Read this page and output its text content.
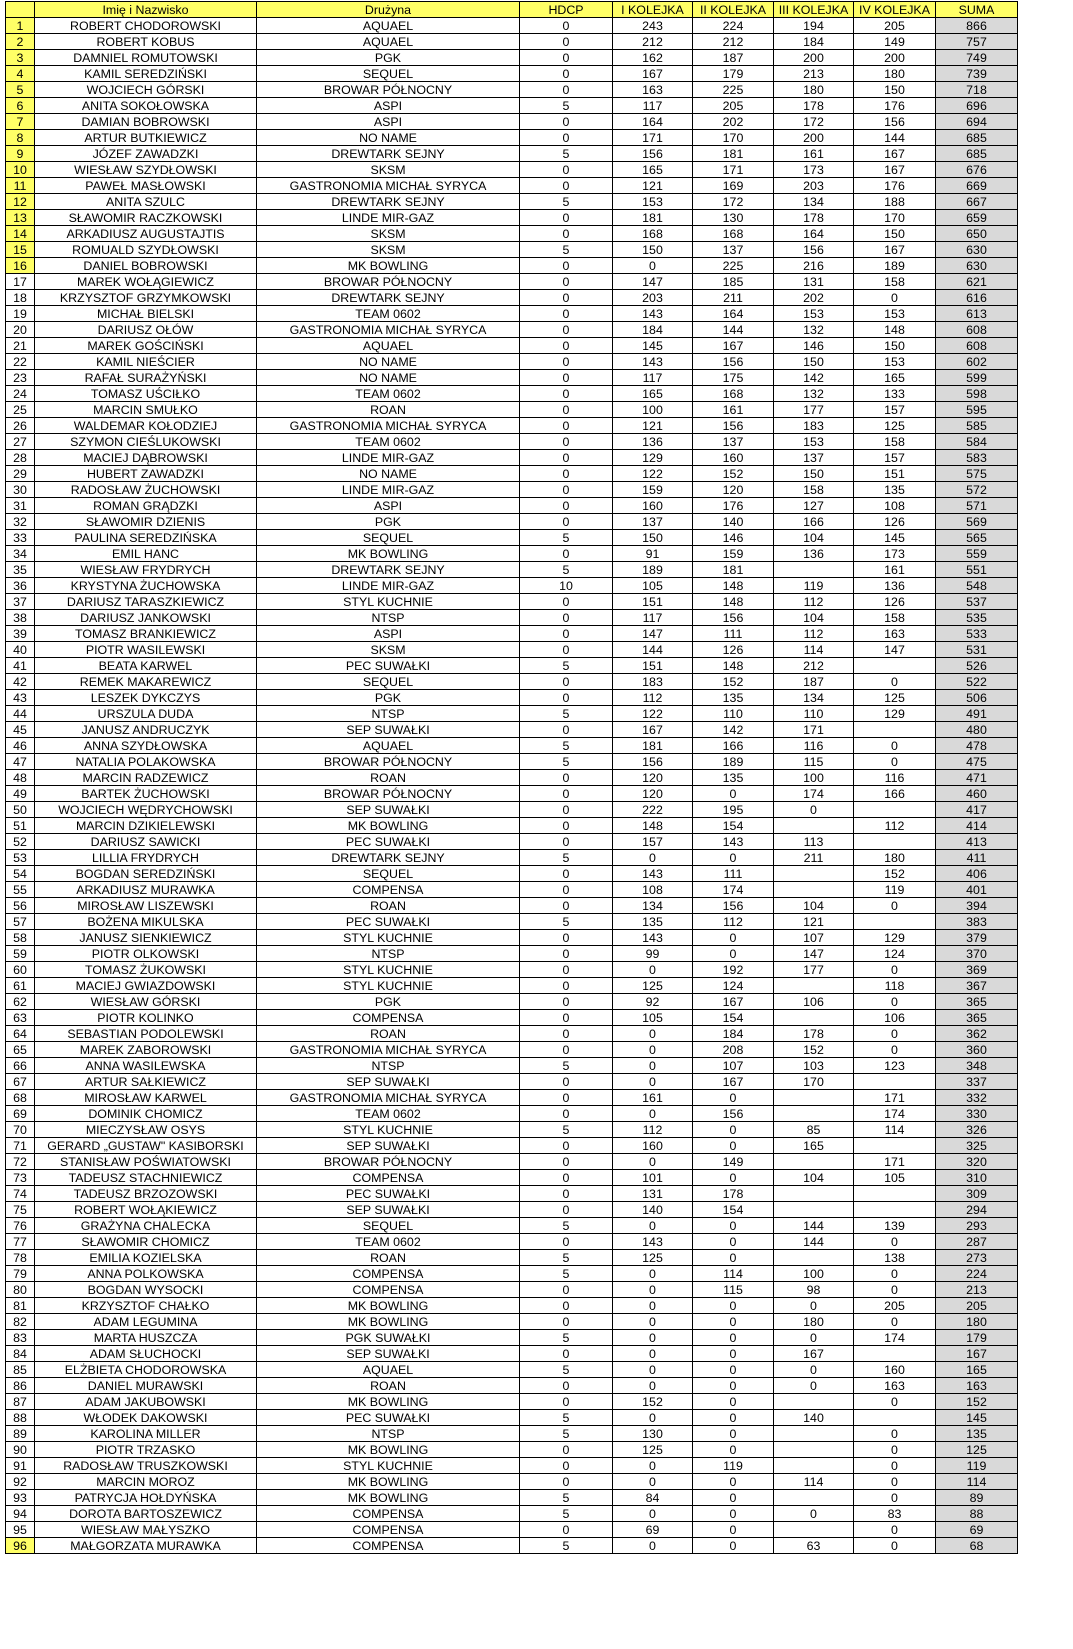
	Imię i Nazwisko	Drużyna	HDCP	I KOLEJKA	II KOLEJKA	III KOLEJKA	IV KOLEJKA	SUMA
1	ROBERT CHODOROWSKI	AQUAEL	0	243	224	194	205	866
2	ROBERT KOBUS	AQUAEL	0	212	212	184	149	757
3	DAMNIEL ROMUTOWSKI	PGK	0	162	187	200	200	749
4	KAMIL SEREDZIŃSKI	SEQUEL	0	167	179	213	180	739
5	WOJCIECH GÓRSKI	BROWAR PÓŁNOCNY	0	163	225	180	150	718
6	ANITA SOKOŁOWSKA	ASPI	5	117	205	178	176	696
7	DAMIAN BOBROWSKI	ASPI	0	164	202	172	156	694
8	ARTUR BUTKIEWICZ	NO NAME	0	171	170	200	144	685
9	JÓZEF ZAWADZKI	DREWTARK SEJNY	5	156	181	161	167	685
10	WIESŁAW SZYDŁOWSKI	SKSM	0	165	171	173	167	676
11	PAWEŁ MASŁOWSKI	GASTRONOMIA MICHAŁ SYRYCA	0	121	169	203	176	669
12	ANITA SZULC	DREWTARK SEJNY	5	153	172	134	188	667
13	SŁAWOMIR RACZKOWSKI	LINDE MIR-GAZ	0	181	130	178	170	659
14	ARKADIUSZ AUGUSTAJTIS	SKSM	0	168	168	164	150	650
15	ROMUALD SZYDŁOWSKI	SKSM	5	150	137	156	167	630
16	DANIEL BOBROWSKI	MK BOWLING	0	0	225	216	189	630
17	MAREK WOŁĄGIEWICZ	BROWAR PÓŁNOCNY	0	147	185	131	158	621
18	KRZYSZTOF GRZYMKOWSKI	DREWTARK SEJNY	0	203	211	202	0	616
19	MICHAŁ BIELSKI	TEAM 0602	0	143	164	153	153	613
20	DARIUSZ OŁÓW	GASTRONOMIA MICHAŁ SYRYCA	0	184	144	132	148	608
21	MAREK GOŚCIŃSKI	AQUAEL	0	145	167	146	150	608
22	KAMIL NIEŚCIER	NO NAME	0	143	156	150	153	602
23	RAFAŁ SURAŻYŃSKI	NO NAME	0	117	175	142	165	599
24	TOMASZ UŚCIŁKO	TEAM 0602	0	165	168	132	133	598
25	MARCIN SMUŁKO	ROAN	0	100	161	177	157	595
26	WALDEMAR KOŁODZIEJ	GASTRONOMIA MICHAŁ SYRYCA	0	121	156	183	125	585
27	SZYMON CIEŚLUKOWSKI	TEAM 0602	0	136	137	153	158	584
28	MACIEJ DĄBROWSKI	LINDE MIR-GAZ	0	129	160	137	157	583
29	HUBERT ZAWADZKI	NO NAME	0	122	152	150	151	575
30	RADOSŁAW ŻUCHOWSKI	LINDE MIR-GAZ	0	159	120	158	135	572
31	ROMAN GRĄDZKI	ASPI	0	160	176	127	108	571
32	SŁAWOMIR DZIENIS	PGK	0	137	140	166	126	569
33	PAULINA SEREDZIŃSKA	SEQUEL	5	150	146	104	145	565
34	EMIL HANC	MK BOWLING	0	91	159	136	173	559
35	WIESŁAW FRYDRYCH	DREWTARK SEJNY	5	189	181		161	551
36	KRYSTYNA ŻUCHOWSKA	LINDE MIR-GAZ	10	105	148	119	136	548
37	DARIUSZ TARASZKIEWICZ	STYL KUCHNIE	0	151	148	112	126	537
38	DARIUSZ JANKOWSKI	NTSP	0	117	156	104	158	535
39	TOMASZ BRANKIEWICZ	ASPI	0	147	111	112	163	533
40	PIOTR WASILEWSKI	SKSM	0	144	126	114	147	531
41	BEATA KARWEL	PEC SUWAŁKI	5	151	148	212		526
42	REMEK MAKAREWICZ	SEQUEL	0	183	152	187	0	522
43	LESZEK DYKCZYS	PGK	0	112	135	134	125	506
44	URSZULA DUDA	NTSP	5	122	110	110	129	491
45	JANUSZ ANDRUCZYK	SEP SUWAŁKI	0	167	142	171		480
46	ANNA SZYDŁOWSKA	AQUAEL	5	181	166	116	0	478
47	NATALIA POLAKOWSKA	BROWAR PÓŁNOCNY	5	156	189	115	0	475
48	MARCIN RADZEWICZ	ROAN	0	120	135	100	116	471
49	BARTEK ŻUCHOWSKI	BROWAR PÓŁNOCNY	0	120	0	174	166	460
50	WOJCIECH WĘDRYCHOWSKI	SEP SUWAŁKI	0	222	195	0		417
51	MARCIN DZIKIELEWSKI	MK BOWLING	0	148	154		112	414
52	DARIUSZ SAWICKI	PEC SUWAŁKI	0	157	143	113		413
53	LILLIA FRYDRYCH	DREWTARK SEJNY	5	0	0	211	180	411
54	BOGDAN SEREDZIŃSKI	SEQUEL	0	143	111		152	406
55	ARKADIUSZ MURAWKA	COMPENSA	0	108	174		119	401
56	MIROSŁAW LISZEWSKI	ROAN	0	134	156	104	0	394
57	BOŻENA MIKULSKA	PEC SUWAŁKI	5	135	112	121		383
58	JANUSZ SIENKIEWICZ	STYL KUCHNIE	0	143	0	107	129	379
59	PIOTR OLKOWSKI	NTSP	0	99	0	147	124	370
60	TOMASZ ŻUKOWSKI	STYL KUCHNIE	0	0	192	177	0	369
61	MACIEJ GWIAZDOWSKI	STYL KUCHNIE	0	125	124		118	367
62	WIESŁAW GÓRSKI	PGK	0	92	167	106	0	365
63	PIOTR KOLINKO	COMPENSA	0	105	154		106	365
64	SEBASTIAN PODOLEWSKI	ROAN	0	0	184	178	0	362
65	MAREK ZABOROWSKI	GASTRONOMIA MICHAŁ SYRYCA	0	0	208	152	0	360
66	ANNA WASILEWSKA	NTSP	5	0	107	103	123	348
67	ARTUR SAŁKIEWICZ	SEP SUWAŁKI	0	0	167	170		337
68	MIROSŁAW KARWEL	GASTRONOMIA MICHAŁ SYRYCA	0	161	0		171	332
69	DOMINIK CHOMICZ	TEAM 0602	0	0	156		174	330
70	MIECZYSŁAW OSYS	STYL KUCHNIE	5	112	0	85	114	326
71	GERARD „GUSTAW" KASIBORSKI	SEP SUWAŁKI	0	160	0	165		325
72	STANISŁAW POŚWIATOWSKI	BROWAR PÓŁNOCNY	0	0	149		171	320
73	TADEUSZ STACHNIEWICZ	COMPENSA	0	101	0	104	105	310
74	TADEUSZ BRZOZOWSKI	PEC SUWAŁKI	0	131	178			309
75	ROBERT WOŁĄKIEWICZ	SEP SUWAŁKI	0	140	154			294
76	GRAŻYNA CHALECKA	SEQUEL	5	0	0	144	139	293
77	SŁAWOMIR CHOMICZ	TEAM 0602	0	143	0	144	0	287
78	EMILIA KOZIELSKA	ROAN	5	125	0		138	273
79	ANNA POLKOWSKA	COMPENSA	5	0	114	100	0	224
80	BOGDAN WYSOCKI	COMPENSA	0	0	115	98	0	213
81	KRZYSZTOF CHAŁKO	MK BOWLING	0	0	0	0	205	205
82	ADAM LEGUMINA	MK BOWLING	0	0	0	180	0	180
83	MARTA HUSZCZA	PGK SUWAŁKI	5	0	0	0	174	179
84	ADAM SŁUCHOCKI	SEP SUWAŁKI	0	0	0	167		167
85	ELŻBIETA CHODOROWSKA	AQUAEL	5	0	0	0	160	165
86	DANIEL MURAWSKI	ROAN	0	0	0	0	163	163
87	ADAM JAKUBOWSKI	MK BOWLING	0	152	0		0	152
88	WŁODEK DAKOWSKI	PEC SUWAŁKI	5	0	0	140		145
89	KAROLINA MILLER	NTSP	5	130	0		0	135
90	PIOTR TRZASKO	MK BOWLING	0	125	0		0	125
91	RADOSŁAW TRUSZKOWSKI	STYL KUCHNIE	0	0	119		0	119
92	MARCIN MOROZ	MK BOWLING	0	0	0	114	0	114
93	PATRYCJA HOŁDYŃSKA	MK BOWLING	5	84	0		0	89
94	DOROTA BARTOSZEWICZ	COMPENSA	5	0	0	0	83	88
95	WIESŁAW MAŁYSZKO	COMPENSA	0	69	0		0	69
96	MAŁGORZATA MURAWKA	COMPENSA	5	0	0	63	0	68
